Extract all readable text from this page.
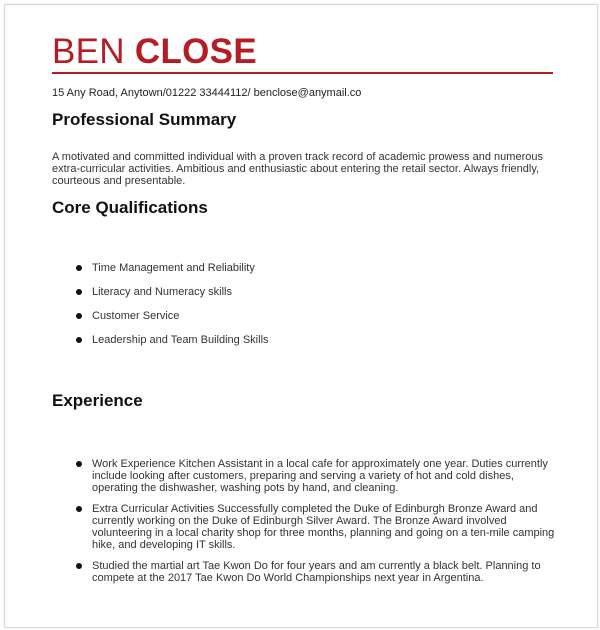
BEN CLOSE
15 Any Road, Anytown/01222 33444112/ benclose@anymail.co
Professional Summary
A motivated and committed individual with a proven track record of academic prowess and numerous extra-curricular activities. Ambitious and enthusiastic about entering the retail sector. Always friendly, courteous and presentable.
Core Qualifications
Time Management and Reliability
Literacy and Numeracy skills
Customer Service
Leadership and Team Building Skills
Experience
Work Experience Kitchen Assistant in a local cafe for approximately one year. Duties currently include looking after customers, preparing and serving a variety of hot and cold dishes, operating the dishwasher, washing pots by hand, and cleaning.
Extra Curricular Activities Successfully completed the Duke of Edinburgh Bronze Award and currently working on the Duke of Edinburgh Silver Award. The Bronze Award involved volunteering in a local charity shop for three months, planning and going on a ten-mile camping hike, and developing IT skills.
Studied the martial art Tae Kwon Do for four years and am currently a black belt. Planning to compete at the 2017 Tae Kwon Do World Championships next year in Argentina.
